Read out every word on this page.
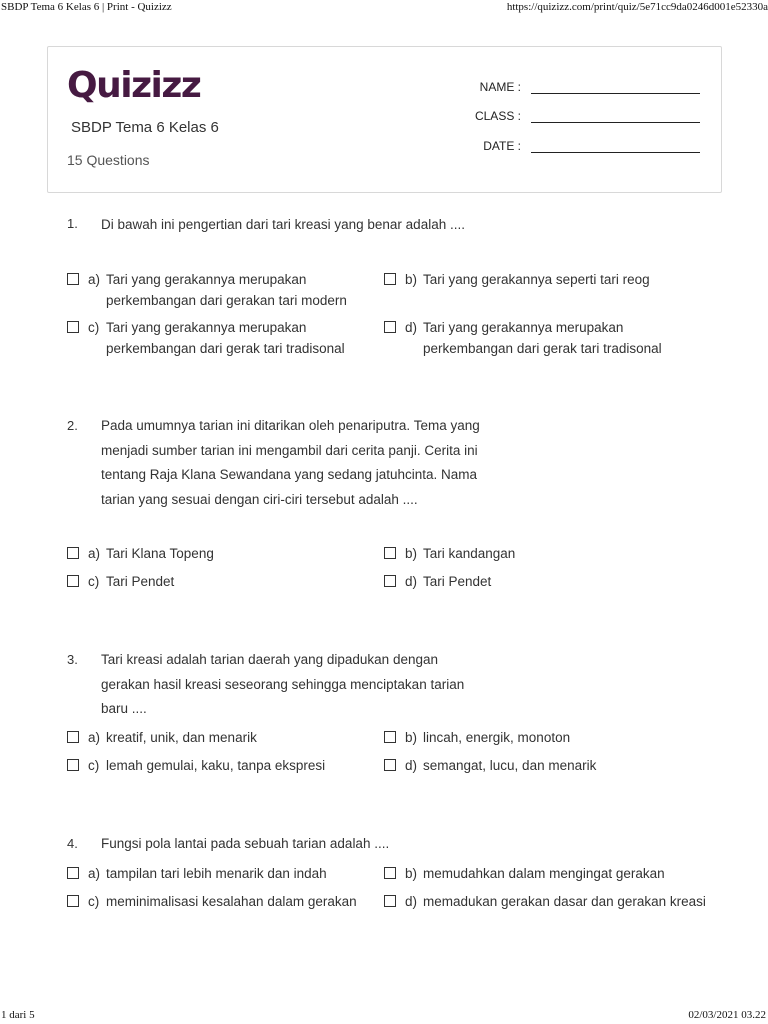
SBDP Tema 6 Kelas 6 | Print - Quizizz	https://quizizz.com/print/quiz/5e71cc9da0246d001e52330a
Quizizz
SBDP Tema 6 Kelas 6
15 Questions
NAME :
CLASS :
DATE :
1. Di bawah ini pengertian dari tari kreasi yang benar adalah ....
a) Tari yang gerakannya merupakan perkembangan dari gerakan tari modern
b) Tari yang gerakannya seperti tari reog
c) Tari yang gerakannya merupakan perkembangan dari gerak tari tradisonal
d) Tari yang gerakannya merupakan perkembangan dari gerak tari tradisonal
2. Pada umumnya tarian ini ditarikan oleh penariputra. Tema yang menjadi sumber tarian ini mengambil dari cerita panji. Cerita ini tentang Raja Klana Sewandana yang sedang jatuhcinta. Nama tarian yang sesuai dengan ciri-ciri tersebut adalah ....
a) Tari Klana Topeng	b) Tari kandangan
c) Tari Pendet	d) Tari Pendet
3. Tari kreasi adalah tarian daerah yang dipadukan dengan gerakan hasil kreasi seseorang sehingga menciptakan tarian baru ....
a) kreatif, unik, dan menarik	b) lincah, energik, monoton
c) lemah gemulai, kaku, tanpa ekspresi	d) semangat, lucu, dan menarik
4. Fungsi pola lantai pada sebuah tarian adalah ....
a) tampilan tari lebih menarik dan indah	b) memudahkan dalam mengingat gerakan
c) meminimalisasi kesalahan dalam gerakan	d) memadukan gerakan dasar dan gerakan kreasi
1 dari 5	02/03/2021 03.22
